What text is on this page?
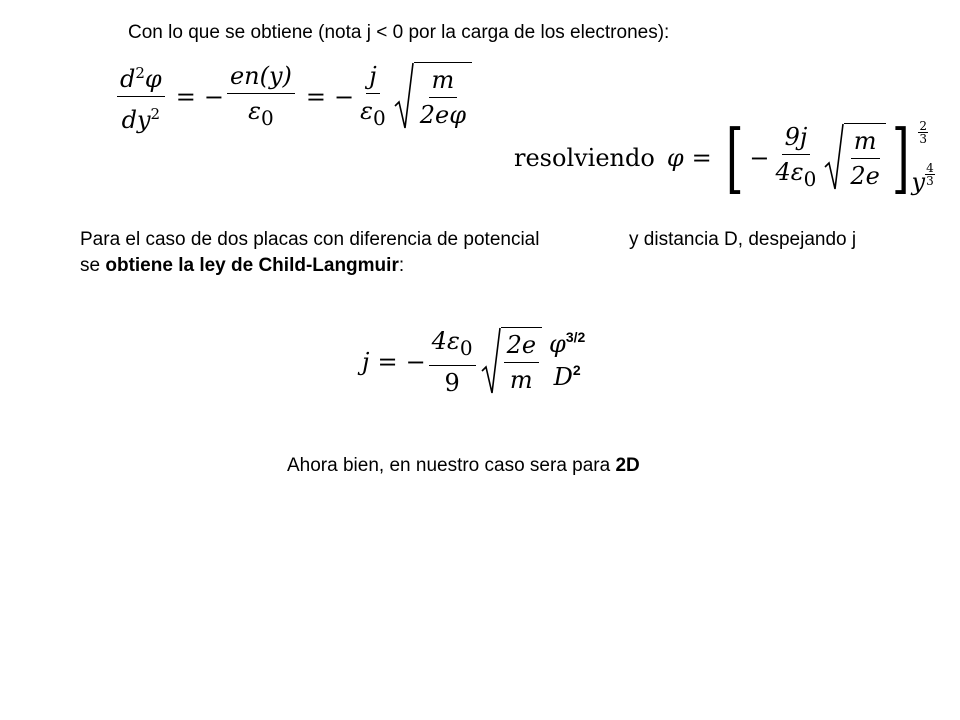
Con lo que se obtiene (nota j < 0 por la carga de los electrones):
$\frac{d^2\varphi}{dy^2}$ = − $\frac{en(y)}{\varepsilon_0}$ = − $\frac{j}{\varepsilon_0} \frac{m}{2e\varphi}$
resolviendo φ = [ − $\frac{9j}{4\varepsilon_0} \frac{m}{2e}$ ] 2
3
y 4
3
Para el caso de dos placas con diferencia de potencial	y distancia D, despejando j
se obtiene la ley de Child-Langmuir:
j = − $\frac{4\varepsilon_0}{9} \frac{2e}{m} \varphi^{3/2}$
$D^2$
Ahora bien, en nuestro caso sera para 2D
